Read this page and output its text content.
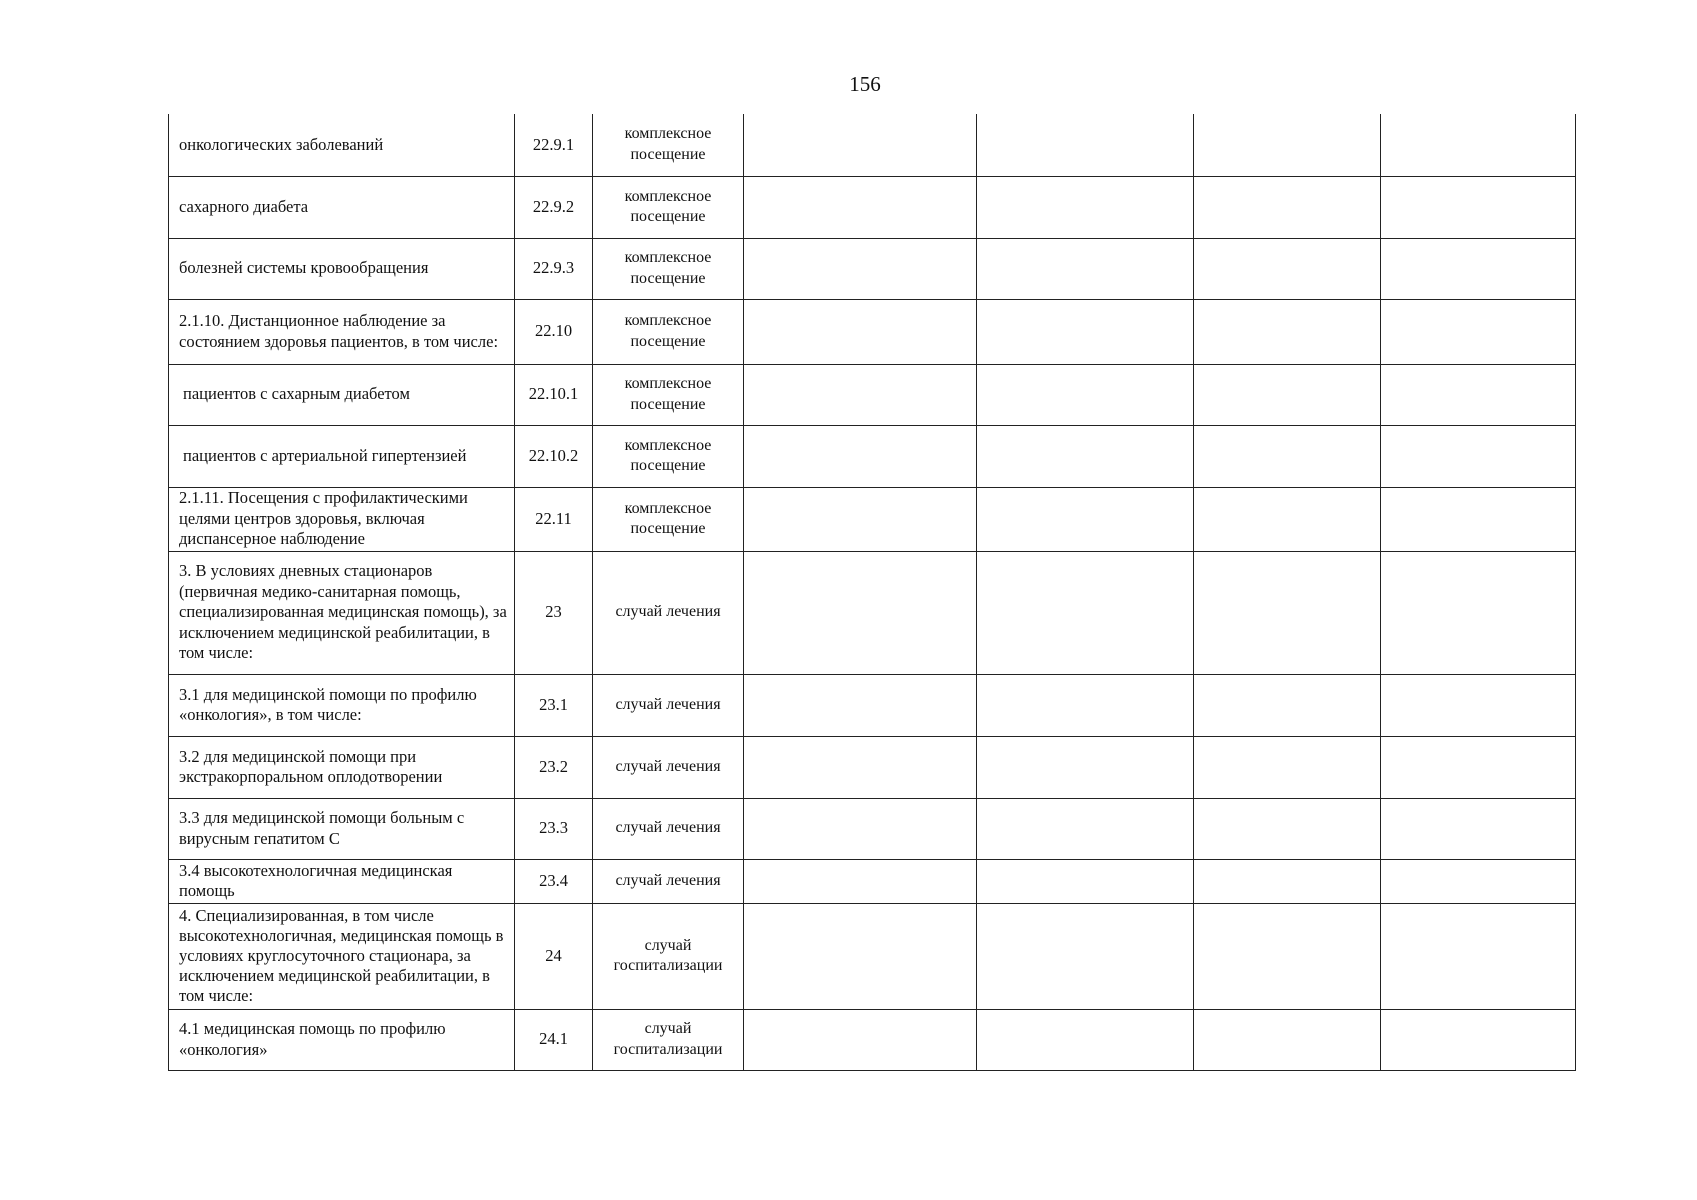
156
онкологических заболеваний	22.9.1	комплексное посещение				
сахарного диабета	22.9.2	комплексное посещение				
болезней системы кровообращения	22.9.3	комплексное посещение				
2.1.10. Дистанционное наблюдение за состоянием здоровья пациентов, в том числе:	22.10	комплексное посещение				
пациентов с сахарным диабетом	22.10.1	комплексное посещение				
пациентов с артериальной гипертензией	22.10.2	комплексное посещение				
2.1.11. Посещения с профилактическими целями центров здоровья, включая диспансерное наблюдение	22.11	комплексное посещение				
3. В условиях дневных стационаров (первичная медико-санитарная помощь, специализированная медицинская помощь), за исключением медицинской реабилитации, в том числе:	23	случай лечения				
3.1 для медицинской помощи по профилю «онкология», в том числе:	23.1	случай лечения				
3.2 для медицинской помощи при экстракорпоральном оплодотворении	23.2	случай лечения				
3.3 для медицинской помощи больным с вирусным гепатитом С	23.3	случай лечения				
3.4 высокотехнологичная медицинская помощь	23.4	случай лечения				
4. Специализированная, в том числе высокотехнологичная, медицинская помощь в условиях круглосуточного стационара, за исключением медицинской реабилитации, в том числе:	24	случай госпитализации				
4.1 медицинская помощь по профилю «онкология»	24.1	случай госпитализации				
